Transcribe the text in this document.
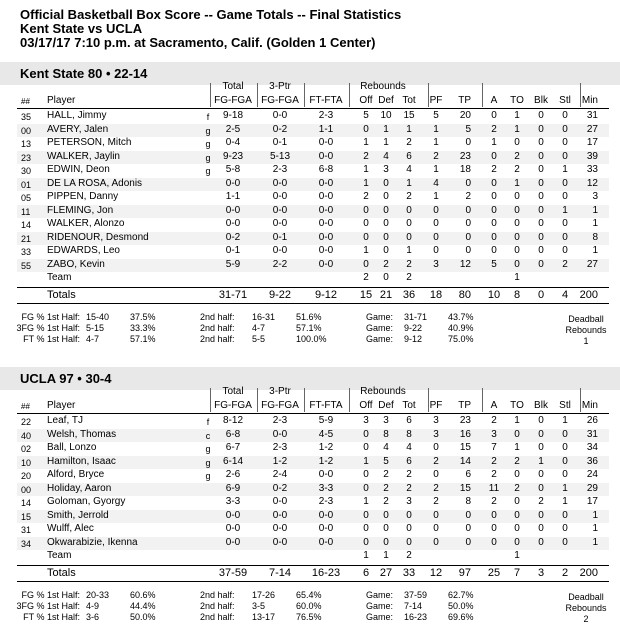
Official Basketball Box Score -- Game Totals -- Final Statistics
Kent State vs UCLA
03/17/17 7:10 p.m. at Sacramento, Calif. (Golden 1 Center)
Kent State 80 • 22-14
Total	3-Ptr	Rebounds
## Player	FG-FGA FG-FGA FT-FTA Off Def Tot PF TP A TO Blk Stl Min
35 HALL, Jimmy	f 9-18	0-0	2-3	5 10 15 5 20 0 1 0 0 31
00 AVERY, Jalen	g 2-5	0-2	1-1	0 1 1 1	5 2 1 0 0 27
13 PETERSON, Mitch	g 0-4	0-1	0-0	1 1 2 1	0 1 0 0 0 17
23 WALKER, Jaylin	g 9-23	5-13	0-0	2 4 6 2 23 0 2 0 0 39
30 EDWIN, Deon	g 5-8	2-3	6-8	1 3 4 1 18 2 2 0 1 33
01 DE LA ROSA, Adonis	0-0	0-0	0-0	1 0 1 4	0 0 1 0 0 12
05 PIPPEN, Danny	1-1	0-0	0-0	2 0 2 1	2 0 0 0 0 3
11 FLEMING, Jon	0-0	0-0	0-0	0 0 0 0	0 0 0 0 1 1
14 WALKER, Alonzo	0-0	0-0	0-0	0 0 0 0	0 0 0 0 0 1
21 RIDENOUR, Desmond	0-2	0-1	0-0	0 0 0 0	0 0 0 0 0 8
33 EDWARDS, Leo	0-1	0-0	0-0	1 0 1 0	0 0 0 0 0 1
55 ZABO, Kevin	5-9	2-2	0-0	0 2 2 3 12 5 0 0 2 27
Team	2 0 2	1
Totals	31-71 9-22 9-12 15 21 36 18 80 10 8 0 4 200
FG % 1st Half: 15-40 37.5%	2nd half: 16-31 51.6%	Game: 31-71 43.7%
3FG % 1st Half: 5-15	33.3%	2nd half: 4-7	57.1%	Game: 9-22	40.9%
FT % 1st Half: 4-7	57.1%	2nd half: 5-5	100.0%	Game: 9-12	75.0%
Deadball
Rebounds
1
UCLA 97 • 30-4
Total	3-Ptr	Rebounds
## Player	FG-FGA FG-FGA FT-FTA Off Def Tot PF TP A TO Blk Stl Min
22 Leaf, TJ	f 8-12	2-3	5-9	3 3 6 3 23 2 1 0 1 26
40 Welsh, Thomas	c 6-8	0-0	4-5	0 8 8 3 16 3 0 0 0 31
02 Ball, Lonzo	g 6-7	2-3	1-2	0 4 4 0 15 7 1 0 0 34
10 Hamilton, Isaac	g 6-14	1-2	1-2	1 5 6 2 14 2 2 1 0 36
20 Alford, Bryce	g 2-6	2-4	0-0	0 2 2 0	6 2 0 0 0 24
00 Holiday, Aaron	6-9	0-2	3-3	0 2 2 2 15 11 2 0 1 29
14 Goloman, Gyorgy	3-3	0-0	2-3	1 2 3 2	8 2 0 2 1 17
15 Smith, Jerrold	0-0	0-0	0-0	0 0 0 0	0 0 0 0 0 1
31 Wulff, Alec	0-0	0-0	0-0	0 0 0 0	0 0 0 0 0 1
34 Okwarabizie, Ikenna	0-0	0-0	0-0	0 0 0 0	0 0 0 0 0 1
Team	1 1 2	1
Totals	37-59 7-14 16-23 6 27 33 12 97 25 7 3 2 200
FG % 1st Half: 20-33 60.6%	2nd half: 17-26 65.4%	Game: 37-59 62.7%
3FG % 1st Half: 4-9	44.4%	2nd half: 3-5	60.0%	Game: 7-14	50.0%
FT % 1st Half: 3-6	50.0%	2nd half: 13-17 76.5%	Game: 16-23 69.6%
Deadball
Rebounds
2
